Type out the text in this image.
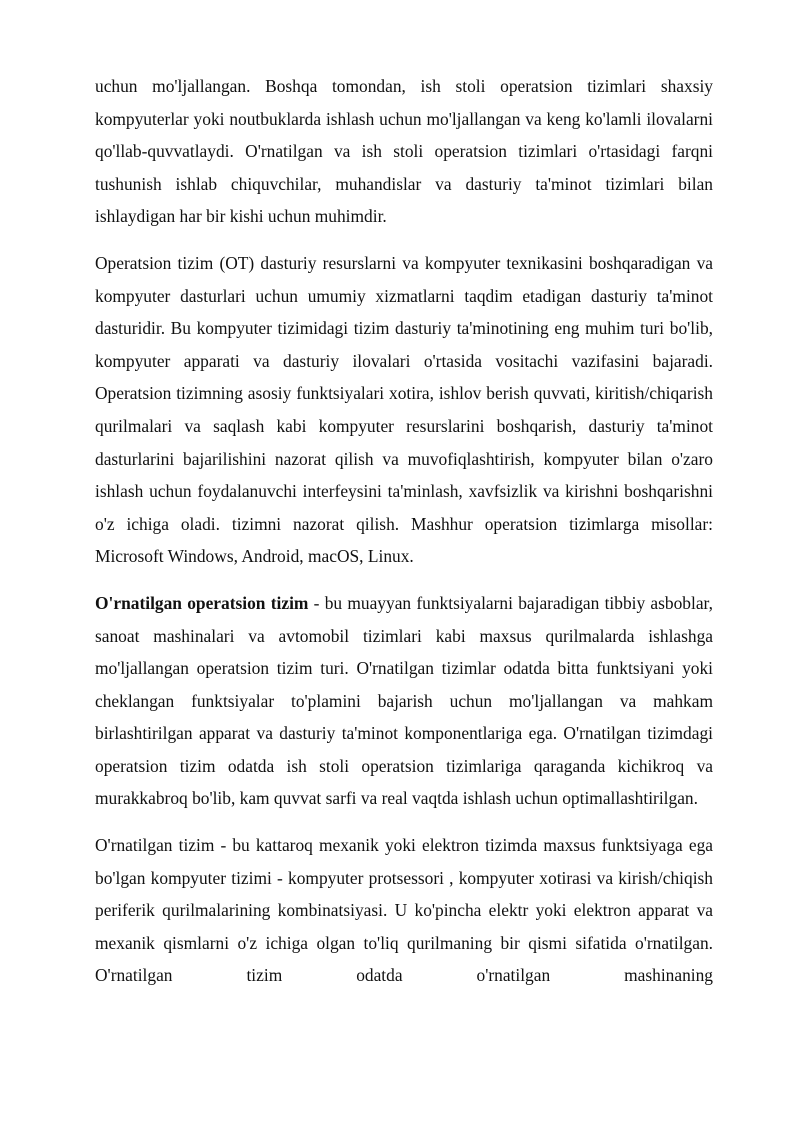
uchun mo'ljallangan. Boshqa tomondan, ish stoli operatsion tizimlari shaxsiy kompyuterlar yoki noutbuklarda ishlash uchun mo'ljallangan va keng ko'lamli ilovalarni qo'llab-quvvatlaydi. O'rnatilgan va ish stoli operatsion tizimlari o'rtasidagi farqni tushunish ishlab chiquvchilar, muhandislar va dasturiy ta'minot tizimlari bilan ishlaydigan har bir kishi uchun muhimdir.

Operatsion tizim (OT) dasturiy resurslarni va kompyuter texnikasini boshqaradigan va kompyuter dasturlari uchun umumiy xizmatlarni taqdim etadigan dasturiy ta'minot dasturidir. Bu kompyuter tizimidagi tizim dasturiy ta'minotining eng muhim turi bo'lib, kompyuter apparati va dasturiy ilovalari o'rtasida vositachi vazifasini bajaradi. Operatsion tizimning asosiy funktsiyalari xotira, ishlov berish quvvati, kiritish/chiqarish qurilmalari va saqlash kabi kompyuter resurslarini boshqarish, dasturiy ta'minot dasturlarini bajarilishini nazorat qilish va muvofiqlashtirish, kompyuter bilan o'zaro ishlash uchun foydalanuvchi interfeysini ta'minlash, xavfsizlik va kirishni boshqarishni o'z ichiga oladi. tizimni nazorat qilish. Mashhur operatsion tizimlarga misollar: Microsoft Windows, Android, macOS, Linux.

O'rnatilgan operatsion tizim - bu muayyan funktsiyalarni bajaradigan tibbiy asboblar, sanoat mashinalari va avtomobil tizimlari kabi maxsus qurilmalarda ishlashga mo'ljallangan operatsion tizim turi. O'rnatilgan tizimlar odatda bitta funktsiyani yoki cheklangan funktsiyalar to'plamini bajarish uchun mo'ljallangan va mahkam birlashtirilgan apparat va dasturiy ta'minot komponentlariga ega. O'rnatilgan tizimdagi operatsion tizim odatda ish stoli operatsion tizimlariga qaraganda kichikroq va murakkabroq bo'lib, kam quvvat sarfi va real vaqtda ishlash uchun optimallashtirilgan.

O'rnatilgan tizim - bu kattaroq mexanik yoki elektron tizimda maxsus funktsiyaga ega bo'lgan kompyuter tizimi - kompyuter protsessori , kompyuter xotirasi va kirish/chiqish periferik qurilmalarining kombinatsiyasi. U ko'pincha elektr yoki elektron apparat va mexanik qismlarni o'z ichiga olgan to'liq qurilmaning bir qismi sifatida o'rnatilgan. O'rnatilgan tizim odatda o'rnatilgan mashinaning
